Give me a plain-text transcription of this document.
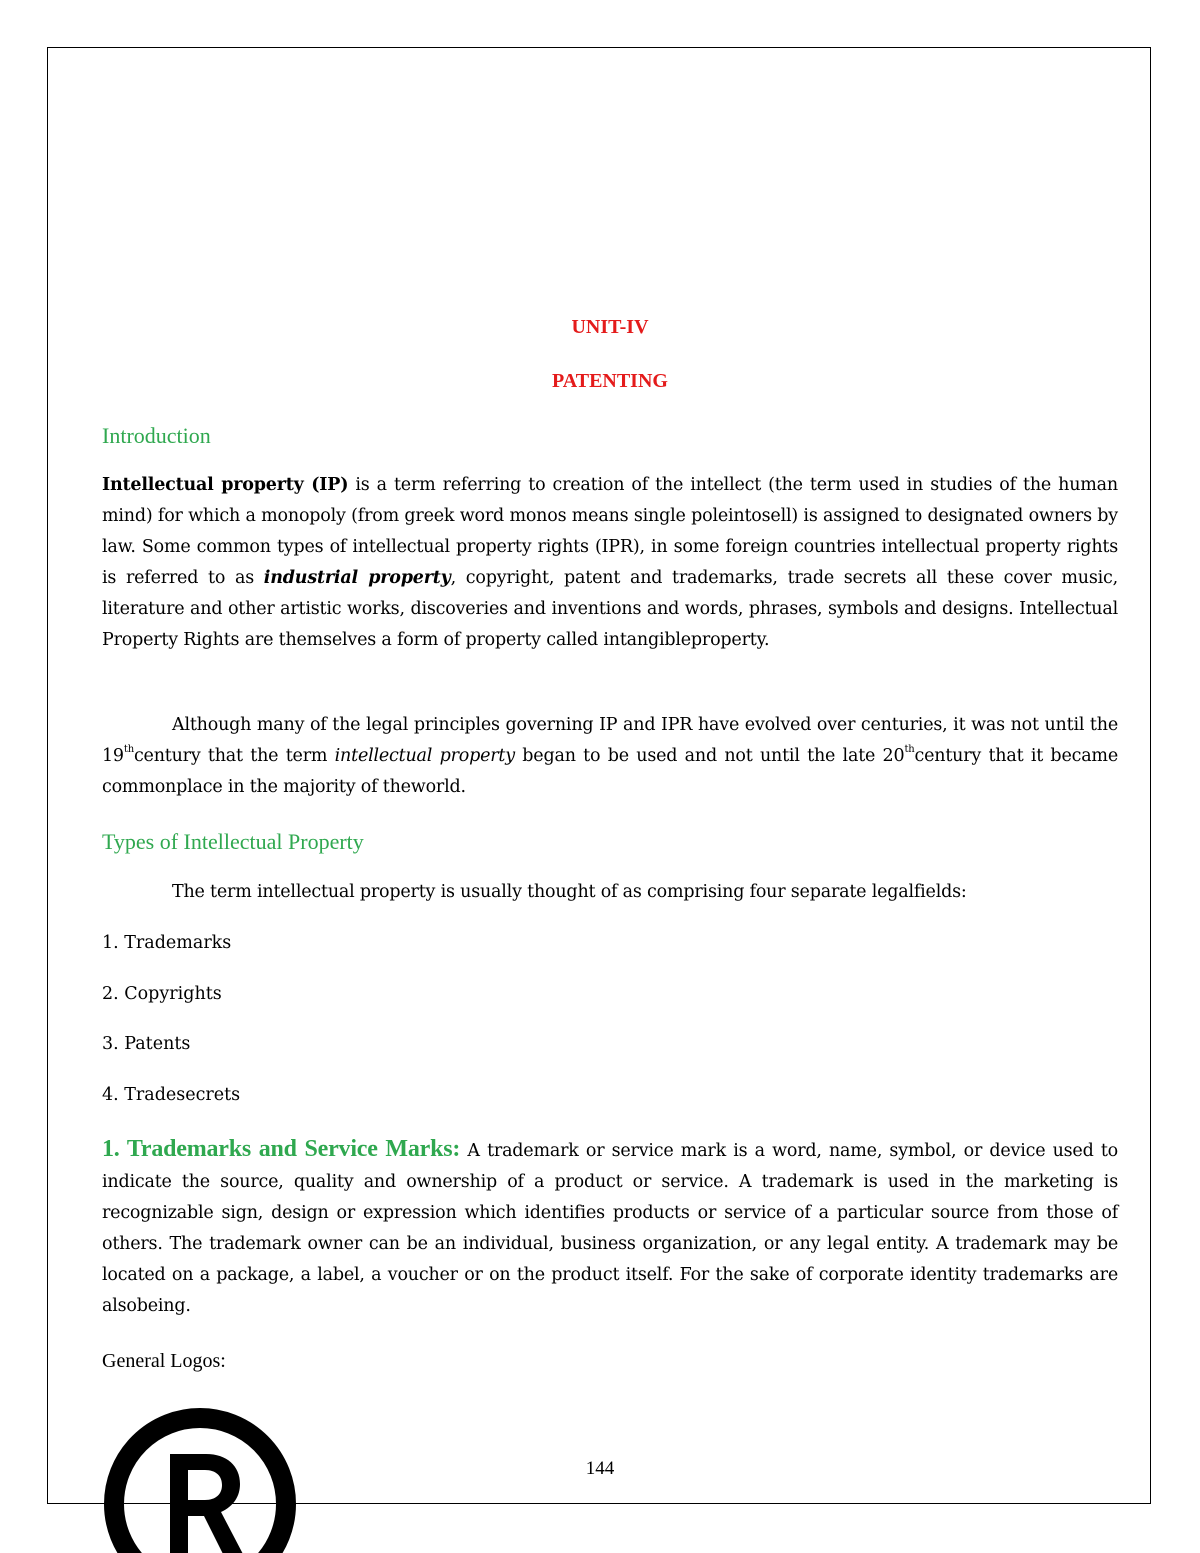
UNIT-IV
PATENTING
Introduction
Intellectual property (IP) is a term referring to creation of the intellect (the term used in studies of the human mind) for which a monopoly (from greek word monos means single poleintosell) is assigned to designated owners by law. Some common types of intellectual property rights (IPR), in some foreign countries intellectual property rights is referred to as industrial property, copyright, patent and trademarks, trade secrets all these cover music, literature and other artistic works, discoveries and inventions and words, phrases, symbols and designs. Intellectual Property Rights are themselves a form of property called intangibleproperty.
Although many of the legal principles governing IP and IPR have evolved over centuries, it was not until the 19thcentury that the term intellectual property began to be used and not until the late 20thcentury that it became commonplace in the majority of theworld.
Types of Intellectual Property
The term intellectual property is usually thought of as comprising four separate legalfields:
1. Trademarks
2. Copyrights
3. Patents
4. Tradesecrets
1. Trademarks and Service Marks: A trademark or service mark is a word, name, symbol, or device used to indicate the source, quality and ownership of a product or service. A trademark is used in the marketing is recognizable sign, design or expression which identifies products or service of a particular source from those of others. The trademark owner can be an individual, business organization, or any legal entity. A trademark may be located on a package, a label, a voucher or on the product itself. For the sake of corporate identity trademarks are alsobeing.
General Logos:
144
